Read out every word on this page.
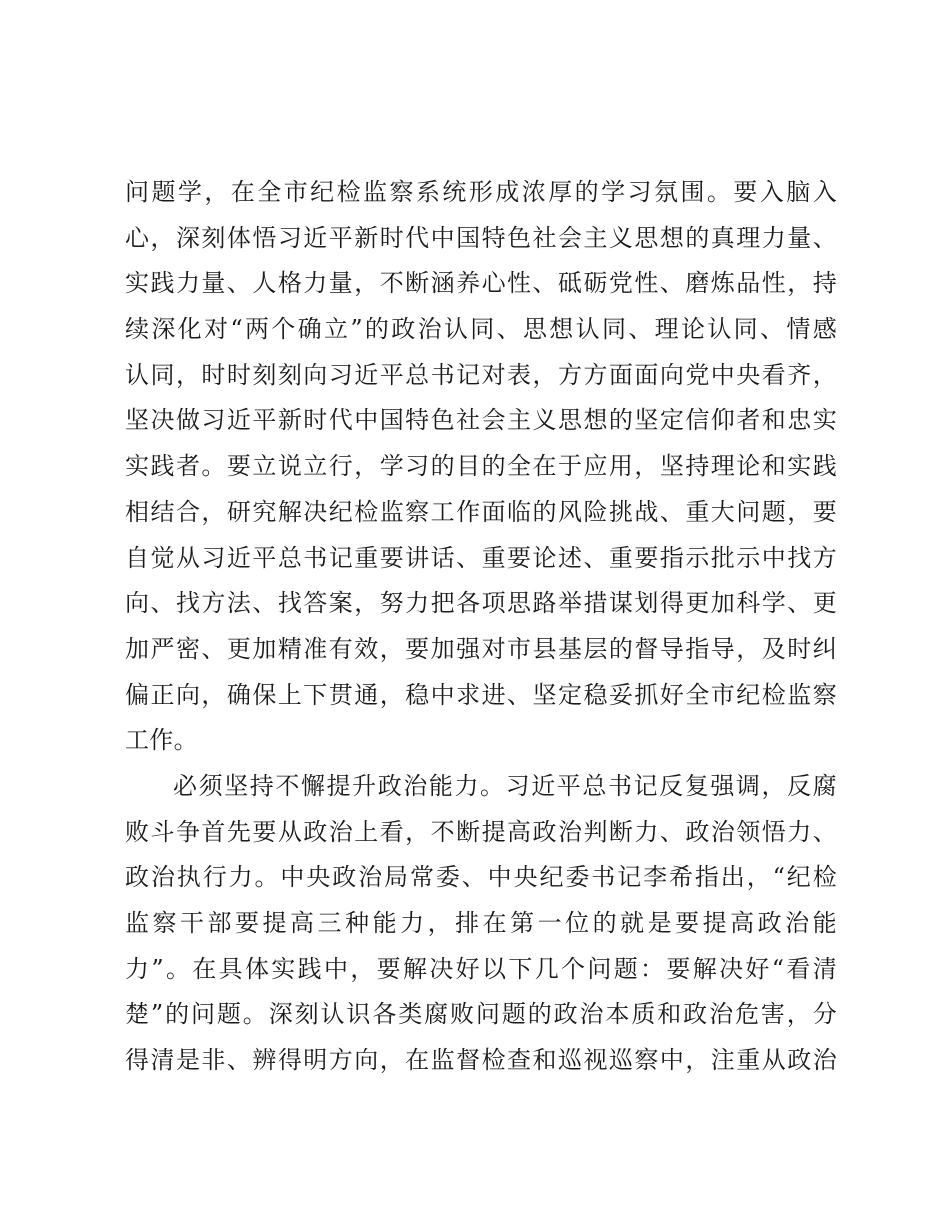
问题学，在全市纪检监察系统形成浓厚的学习氛围。要入脑入
心，深刻体悟习近平新时代中国特色社会主义思想的真理力量、
实践力量、人格力量，不断涵养心性、砥砺党性、磨炼品性，持
续深化对“两个确立”的政治认同、思想认同、理论认同、情感
认同，时时刻刻向习近平总书记对表，方方面面向党中央看齐，
坚决做习近平新时代中国特色社会主义思想的坚定信仰者和忠实
实践者。要立说立行，学习的目的全在于应用，坚持理论和实践
相结合，研究解决纪检监察工作面临的风险挑战、重大问题，要
自觉从习近平总书记重要讲话、重要论述、重要指示批示中找方
向、找方法、找答案，努力把各项思路举措谋划得更加科学、更
加严密、更加精准有效，要加强对市县基层的督导指导，及时纠
偏正向，确保上下贯通，稳中求进、坚定稳妥抓好全市纪检监察
工作。
必须坚持不懈提升政治能力。习近平总书记反复强调，反腐
败斗争首先要从政治上看，不断提高政治判断力、政治领悟力、
政治执行力。中央政治局常委、中央纪委书记李希指出，“纪检
监察干部要提高三种能力，排在第一位的就是要提高政治能
力”。在具体实践中，要解决好以下几个问题：要解决好“看清
楚”的问题。深刻认识各类腐败问题的政治本质和政治危害，分
得清是非、辨得明方向，在监督检查和巡视巡察中，注重从政治
